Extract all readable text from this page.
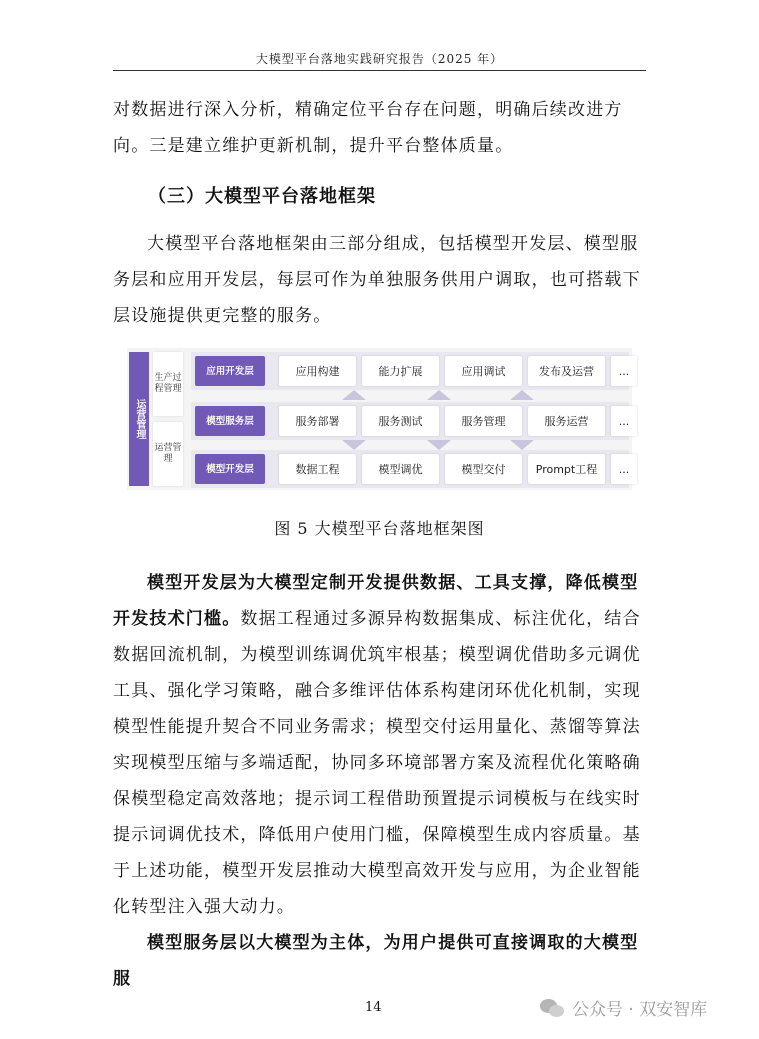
大模型平台落地实践研究报告（2025 年）
对数据进行深入分析，精确定位平台存在问题，明确后续改进方向。三是建立维护更新机制，提升平台整体质量。
（三）大模型平台落地框架
大模型平台落地框架由三部分组成，包括模型开发层、模型服务层和应用开发层，每层可作为单独服务供用户调取，也可搭载下层设施提供更完整的服务。
运营管理
生产过程管理
运营管理
应用开发层	应用构建	能力扩展	应用调试	发布及运营	...
模型服务层	服务部署	服务测试	服务管理	服务运营	...
模型开发层	数据工程	模型调优	模型交付	Prompt工程	...
图 5 大模型平台落地框架图
模型开发层为大模型定制开发提供数据、工具支撑，降低模型开发技术门槛。数据工程通过多源异构数据集成、标注优化，结合数据回流机制，为模型训练调优筑牢根基；模型调优借助多元调优工具、强化学习策略，融合多维评估体系构建闭环优化机制，实现模型性能提升契合不同业务需求；模型交付运用量化、蒸馏等算法实现模型压缩与多端适配，协同多环境部署方案及流程优化策略确保模型稳定高效落地；提示词工程借助预置提示词模板与在线实时提示词调优技术，降低用户使用门槛，保障模型生成内容质量。基于上述功能，模型开发层推动大模型高效开发与应用，为企业智能化转型注入强大动力。
模型服务层以大模型为主体，为用户提供可直接调取的大模型服
14	公众号 · 双安智库
